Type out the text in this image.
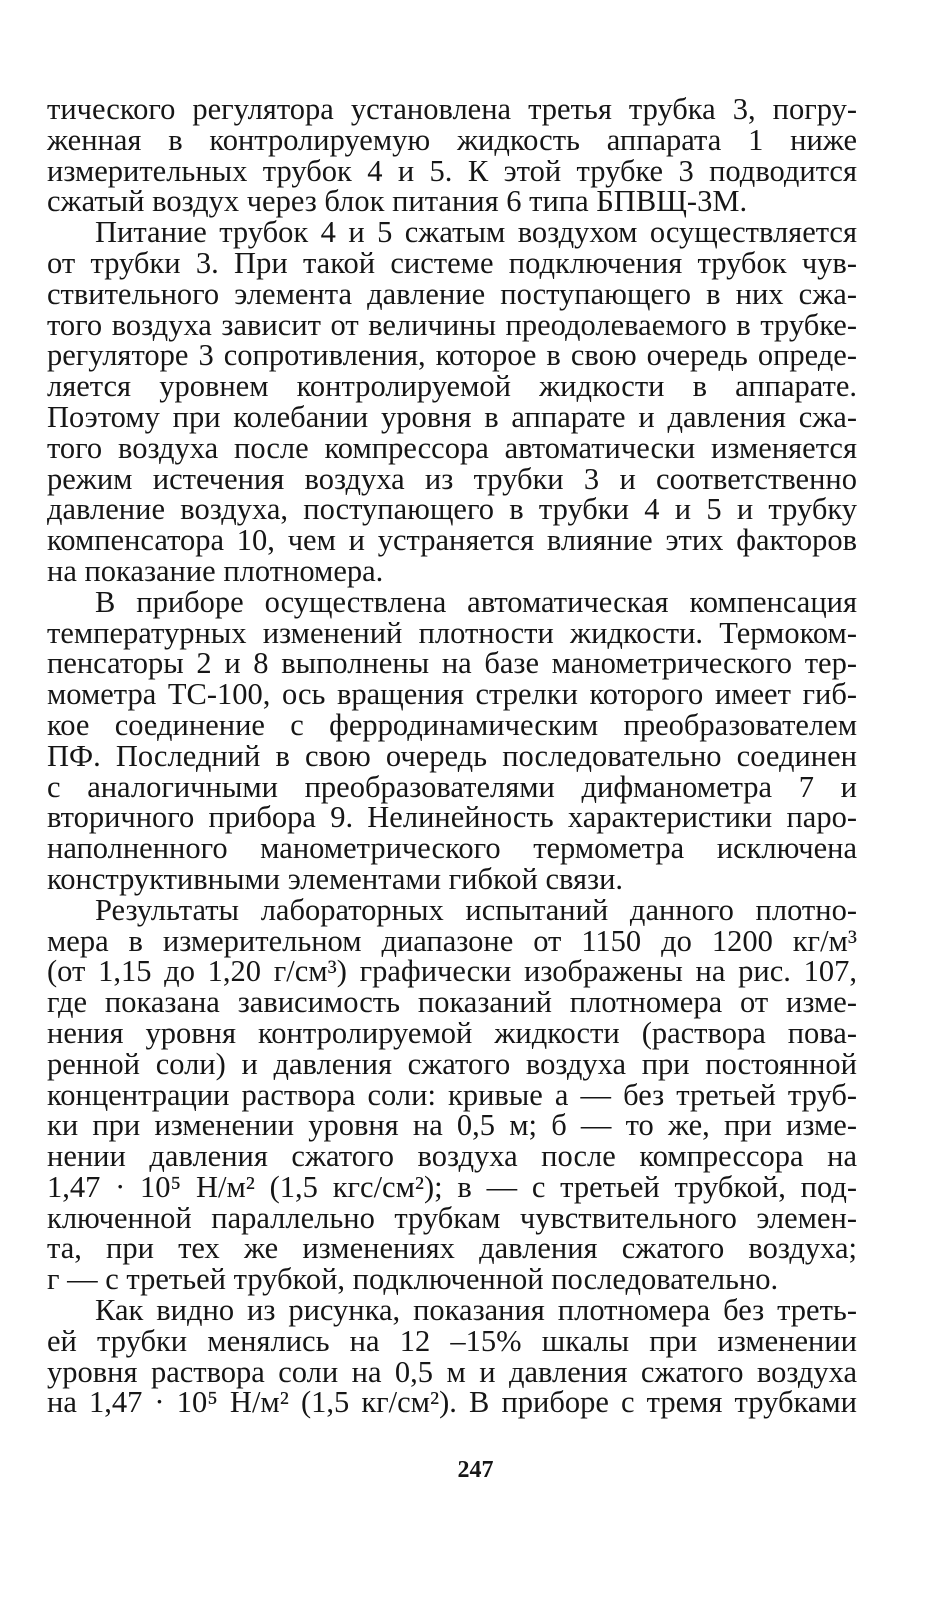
тического регулятора установлена третья трубка 3, погру-
женная в контролируемую жидкость аппарата 1 ниже
измерительных трубок 4 и 5. К этой трубке 3 подводится
сжатый воздух через блок питания 6 типа БПВЩ-3М.

Питание трубок 4 и 5 сжатым воздухом осуществляется
от трубки 3. При такой системе подключения трубок чув-
ствительного элемента давление поступающего в них сжа-
того воздуха зависит от величины преодолеваемого в трубке-
регуляторе 3 сопротивления, которое в свою очередь опреде-
ляется уровнем контролируемой жидкости в аппарате.
Поэтому при колебании уровня в аппарате и давления сжа-
того воздуха после компрессора автоматически изменяется
режим истечения воздуха из трубки 3 и соответственно
давление воздуха, поступающего в трубки 4 и 5 и трубку
компенсатора 10, чем и устраняется влияние этих факторов
на показание плотномера.

В приборе осуществлена автоматическая компенсация
температурных изменений плотности жидкости. Термоком-
пенсаторы 2 и 8 выполнены на базе манометрического тер-
мометра ТС-100, ось вращения стрелки которого имеет гиб-
кое соединение с ферродинамическим преобразователем
ПФ. Последний в свою очередь последовательно соединен
с аналогичными преобразователями дифманометра 7 и
вторичного прибора 9. Нелинейность характеристики паро-
наполненного манометрического термометра исключена
конструктивными элементами гибкой связи.

Результаты лабораторных испытаний данного плотно-
мера в измерительном диапазоне от 1150 до 1200 кг/м³
(от 1,15 до 1,20 г/см³) графически изображены на рис. 107,
где показана зависимость показаний плотномера от изме-
нения уровня контролируемой жидкости (раствора пова-
ренной соли) и давления сжатого воздуха при постоянной
концентрации раствора соли: кривые а — без третьей труб-
ки при изменении уровня на 0,5 м; б — то же, при изме-
нении давления сжатого воздуха после компрессора на
1,47 · 10⁵ Н/м² (1,5 кгс/см²); в — с третьей трубкой, под-
ключенной параллельно трубкам чувствительного элемен-
та, при тех же изменениях давления сжатого воздуха;
г — с третьей трубкой, подключенной последовательно.

Как видно из рисунка, показания плотномера без треть-
ей трубки менялись на 12 –15% шкалы при изменении
уровня раствора соли на 0,5 м и давления сжатого воздуха
на 1,47 · 10⁵ Н/м² (1,5 кг/см²). В приборе с тремя трубками

247
